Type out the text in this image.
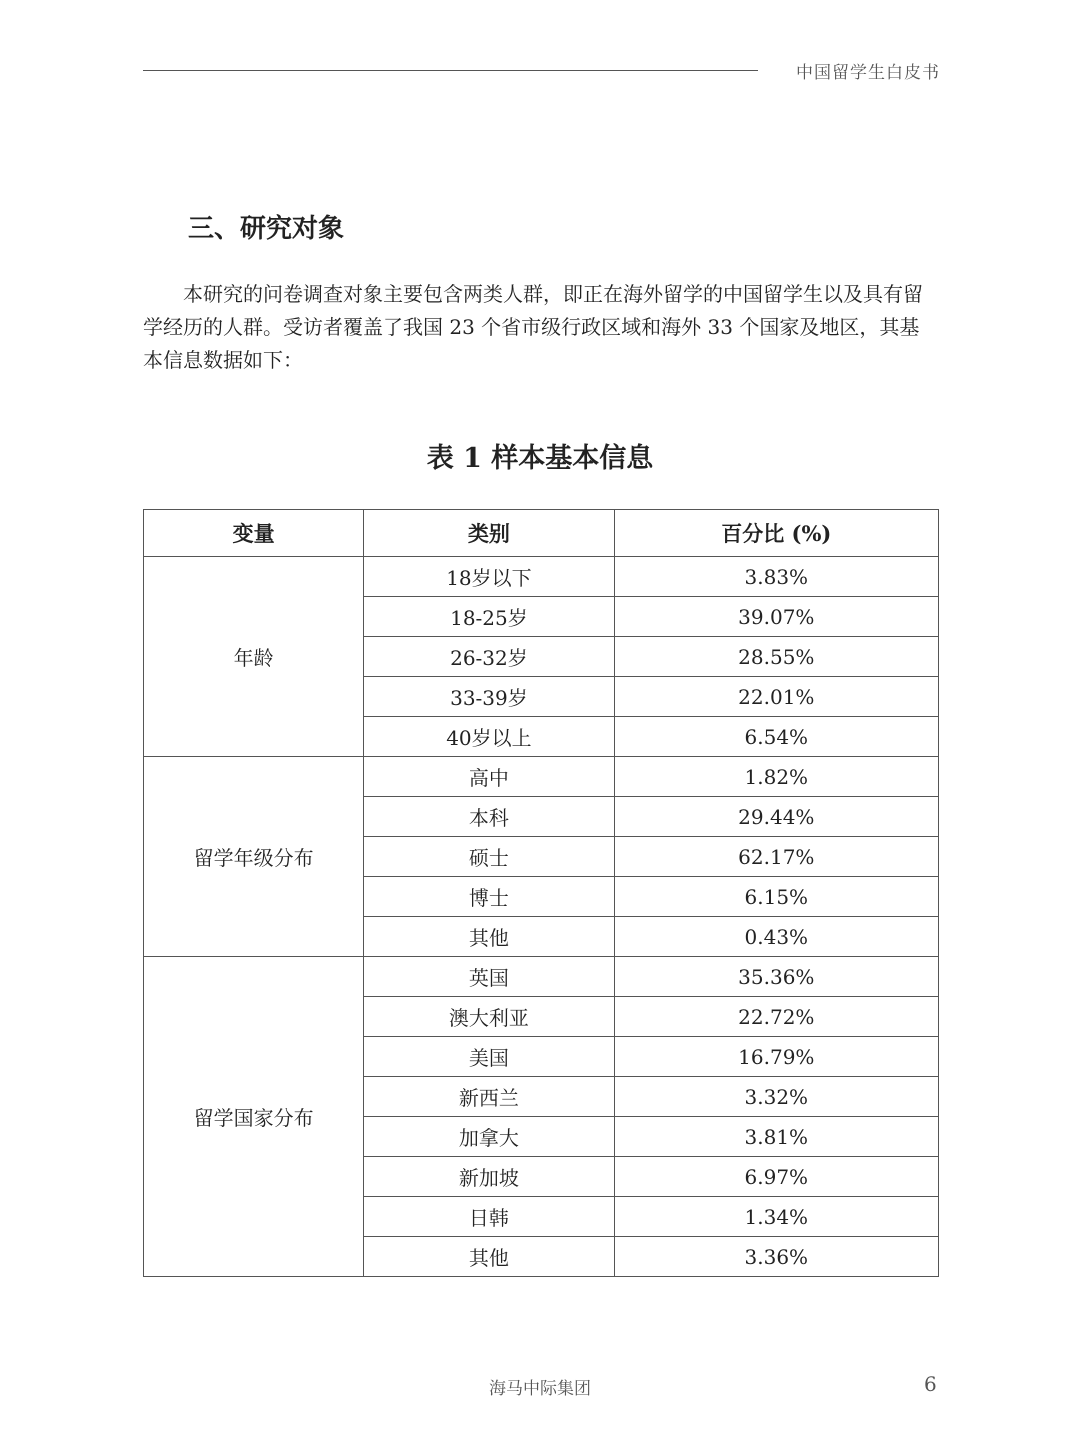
中国留学生白皮书
三、研究对象

本研究的问卷调查对象主要包含两类人群，即正在海外留学的中国留学生以及具有留学经历的人群。受访者覆盖了我国 23 个省市级行政区域和海外 33 个国家及地区，其基本信息数据如下：

表 1 样本基本信息
变量	类别	百分比 (%)
年龄	18岁以下	3.83%
	18-25岁	39.07%
	26-32岁	28.55%
	33-39岁	22.01%
	40岁以上	6.54%
留学年级分布	高中	1.82%
	本科	29.44%
	硕士	62.17%
	博士	6.15%
	其他	0.43%
留学国家分布	英国	35.36%
	澳大利亚	22.72%
	美国	16.79%
	新西兰	3.32%
	加拿大	3.81%
	新加坡	6.97%
	日韩	1.34%
	其他	3.36%
海马中际集团	6
